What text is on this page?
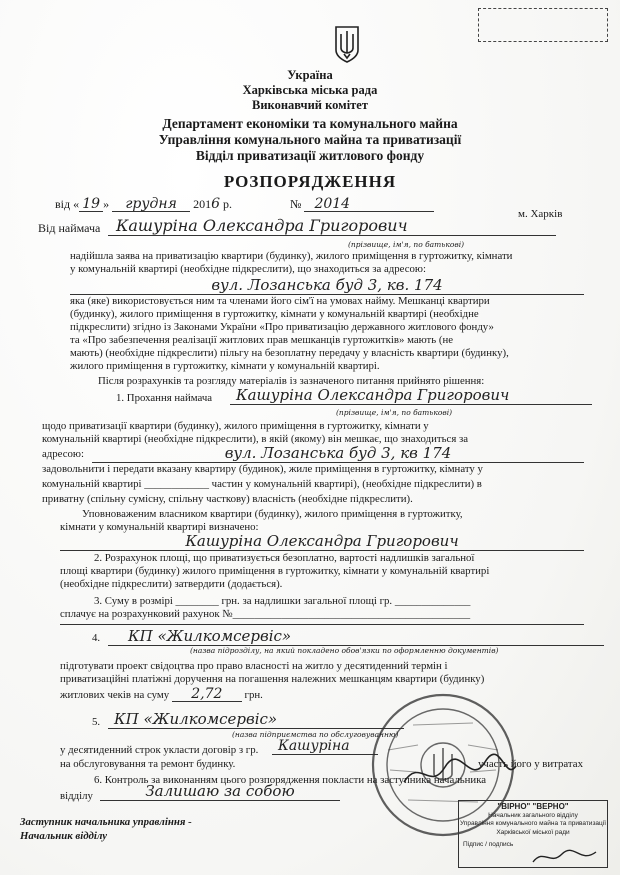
Україна
Харківська міська рада
Виконавчий комітет
Департамент економіки та комунального майна
Управління комунального майна та приватизації
Відділ приватизації житлового фонду
РОЗПОРЯДЖЕННЯ
від « 19 » грудня 2016 р.	№ 2014
м. Харків
Від наймача Кашуріна Олександра Григорович
(прізвище, ім'я, по батькові)
надійшла заява на приватизацію квартири (будинку), жилого приміщення в гуртожитку, кімнати
у комунальній квартирі (необхідне підкреслити), що знаходиться за адресою:
вул. Лозанська буд 3, кв. 174
яка (яке) використовується ним та членами його сім'ї на умовах найму. Мешканці квартири
(будинку), жилого приміщення в гуртожитку, кімнати у комунальній квартирі (необхідне
підкреслити) згідно із Законами України «Про приватизацію державного житлового фонду»
та «Про забезпечення реалізації житлових прав мешканців гуртожитків» мають (не
мають) (необхідне підкреслити) пільгу на безоплатну передачу у власність квартири (будинку),
жилого приміщення в гуртожитку, кімнати у комунальній квартирі.
Після розрахунків та розгляду матеріалів із зазначеного питання прийнято рішення:
1. Прохання наймача	Кашуріна Олександра Григорович
(прізвище, ім'я, по батькові)
щодо приватизації квартири (будинку), жилого приміщення в гуртожитку, кімнати у
комунальній квартирі (необхідне підкреслити), в якій (якому) він мешкає, що знаходиться за
адресою:	вул. Лозанська буд 3, кв 174
задовольнити і передати вказану квартиру (будинок), жиле приміщення в гуртожитку, кімнату у
комунальній квартирі ____________ частин у комунальній квартирі), (необхідне підкреслити) в
приватну (спільну сумісну, спільну часткову) власність (необхідне підкреслити).
Уповноваженим власником квартири (будинку), жилого приміщення в гуртожитку,
кімнати у комунальній квартирі визначено:
Кашуріна Олександра Григорович
2. Розрахунок площі, що приватизується безоплатно, вартості надлишків загальної
площі квартири (будинку) жилого приміщення в гуртожитку, кімнати у комунальній квартирі
(необхідне підкреслити) затвердити (додається).
3. Суму в розмірі ________ грн. за надлишки загальної площі гр. ______________
сплачує на розрахунковий рахунок №____________________________________________
4.	КП «Жилкомсервіс»
(назва підрозділу, на який покладено обов'язки по оформленню документів)
підготувати проект свідоцтва про право власності на житло у десятиденний термін і
приватизаційні платіжні доручення на погашення належних мешканцям квартири (будинку)
житлових чеків на суму 2,72 грн.
5. КП «Жилкомсервіс»
(назва підприємства по обслуговуванню)
у десятиденний строк укласти договір з гр.	Кашуріна
участь його у витратах
на обслуговування та ремонт будинку.
6. Контроль за виконанням цього розпорядження покласти на заступника начальника
відділу	Залишаю за собою
Заступник начальника управління -
Начальник відділу
"ВІРНО" "ВЕРНО"
Начальник загального відділу
Управління комунального майна та приватизації
Харківської міської ради
Підпис / подпись
